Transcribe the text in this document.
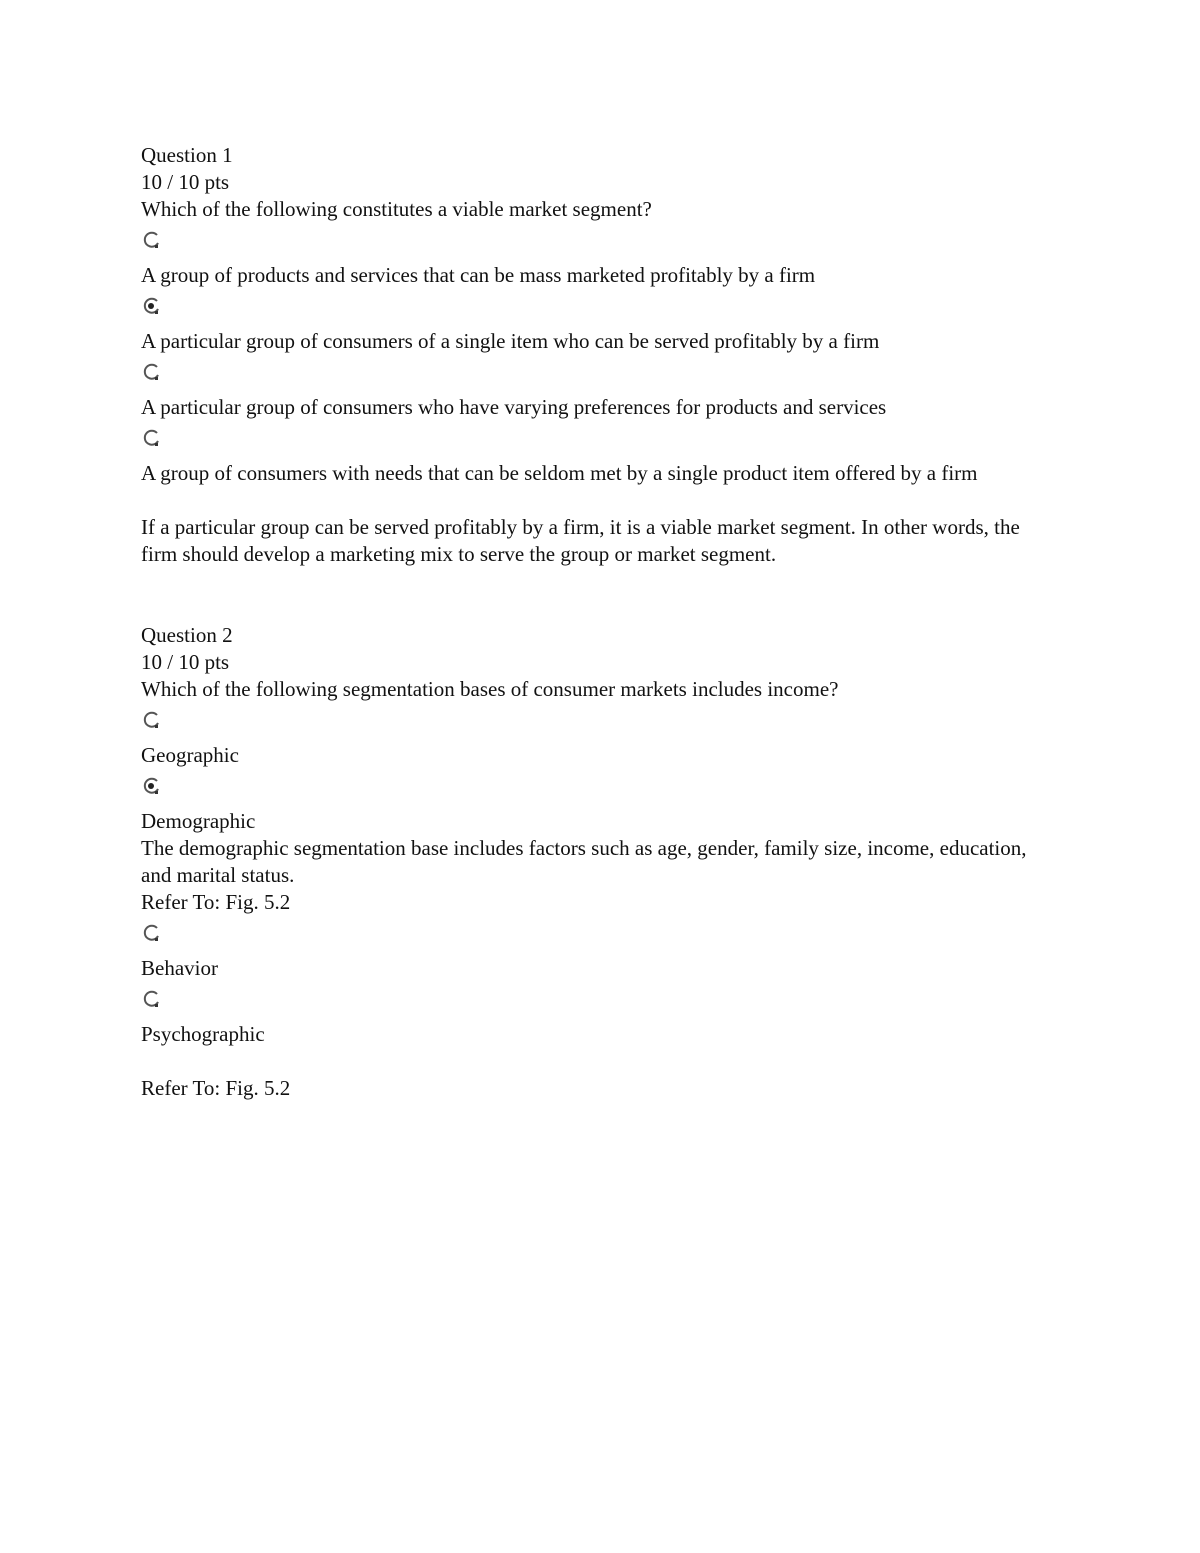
Question 1
10 / 10 pts
Which of the following constitutes a viable market segment?
A group of products and services that can be mass marketed profitably by a firm
A particular group of consumers of a single item who can be served profitably by a firm
A particular group of consumers who have varying preferences for products and services
A group of consumers with needs that can be seldom met by a single product item offered by a firm
If a particular group can be served profitably by a firm, it is a viable market segment. In other words, the firm should develop a marketing mix to serve the group or market segment.
Question 2
10 / 10 pts
Which of the following segmentation bases of consumer markets includes income?
Geographic
Demographic
The demographic segmentation base includes factors such as age, gender, family size, income, education, and marital status.
Refer To: Fig. 5.2
Behavior
Psychographic
Refer To: Fig. 5.2
